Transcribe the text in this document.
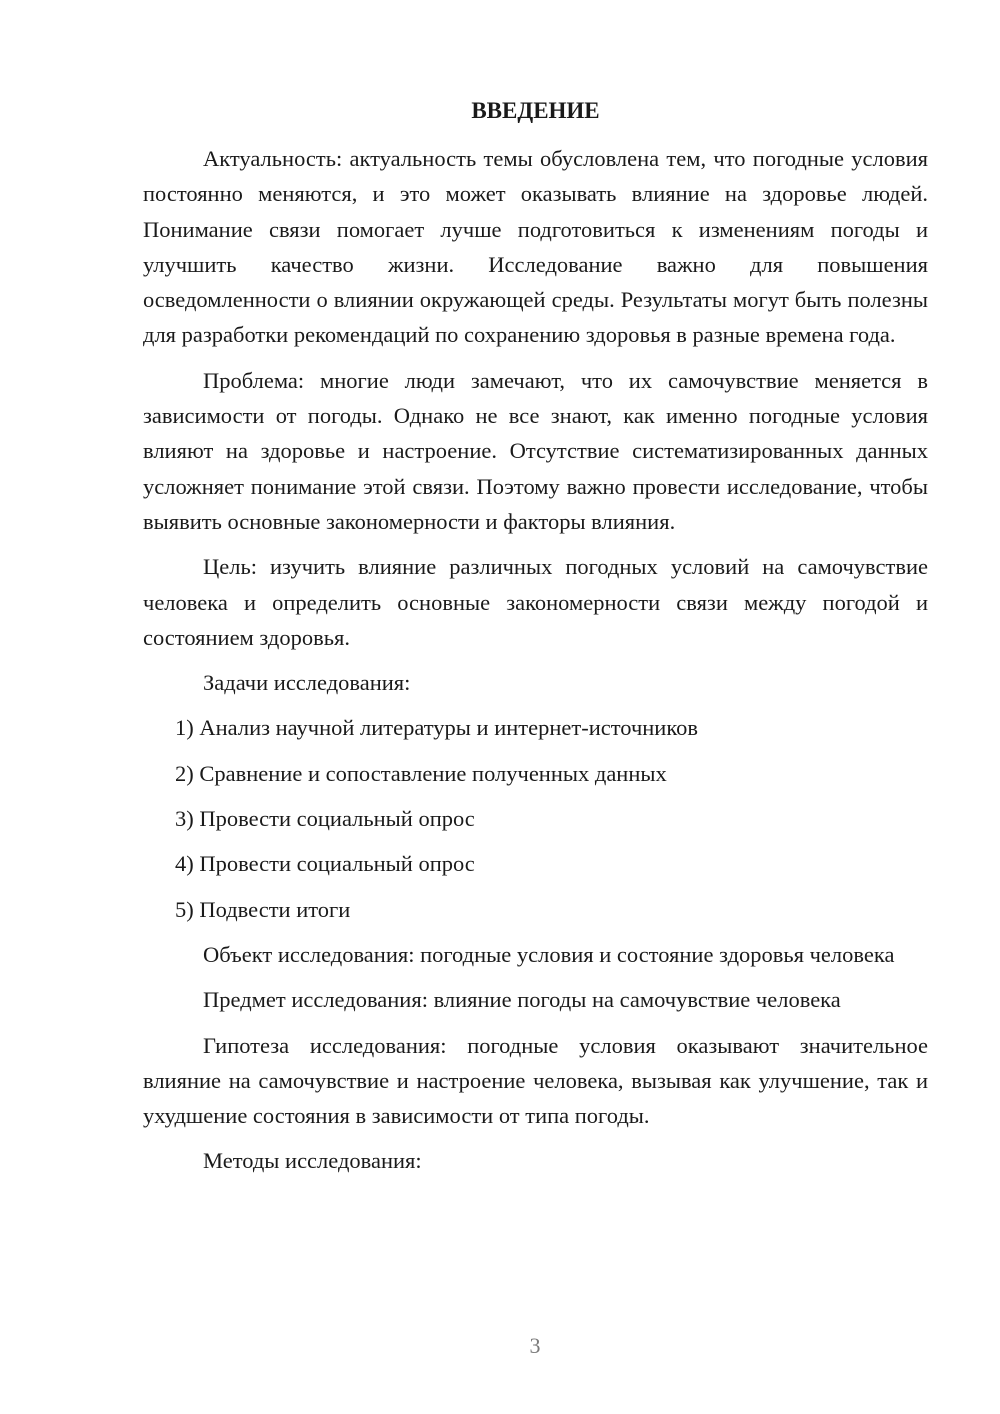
ВВЕДЕНИЕ

Актуальность: актуальность темы обусловлена тем, что погодные условия постоянно меняются, и это может оказывать влияние на здоровье людей. Понимание связи помогает лучше подготовиться к изменениям погоды и улучшить качество жизни. Исследование важно для повышения осведомленности о влиянии окружающей среды. Результаты могут быть полезны для разработки рекомендаций по сохранению здоровья в разные времена года.

Проблема: многие люди замечают, что их самочувствие меняется в зависимости от погоды. Однако не все знают, как именно погодные условия влияют на здоровье и настроение. Отсутствие систематизированных данных усложняет понимание этой связи. Поэтому важно провести исследование, чтобы выявить основные закономерности и факторы влияния.

Цель: изучить влияние различных погодных условий на самочувствие человека и определить основные закономерности связи между погодой и состоянием здоровья.

Задачи исследования:

1) Анализ научной литературы и интернет-источников

2) Сравнение и сопоставление полученных данных

3) Провести социальный опрос

4) Провести социальный опрос

5) Подвести итоги

Объект исследования: погодные условия и состояние здоровья человека

Предмет исследования: влияние погоды на самочувствие человека

Гипотеза исследования: погодные условия оказывают значительное влияние на самочувствие и настроение человека, вызывая как улучшение, так и ухудшение состояния в зависимости от типа погоды.

Методы исследования:

3
